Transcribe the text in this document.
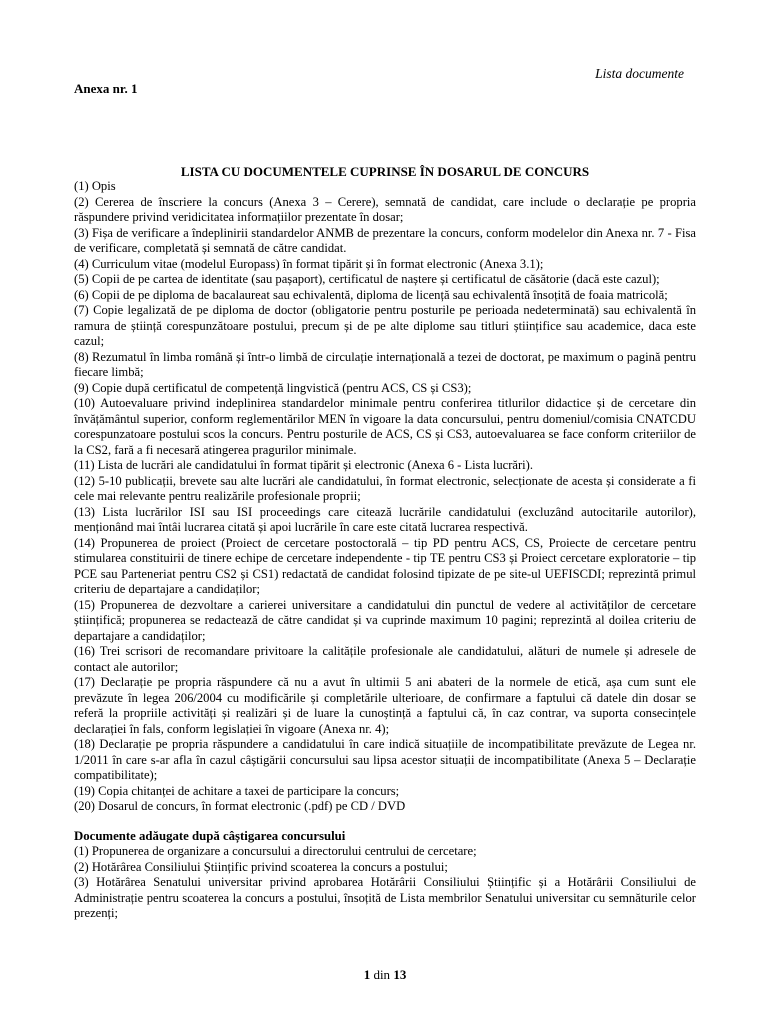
Lista documente
Anexa nr. 1
LISTA CU DOCUMENTELE CUPRINSE ÎN DOSARUL DE CONCURS

(1) Opis

(2) Cererea de înscriere la concurs (Anexa 3 – Cerere), semnată de candidat, care include o declarație pe propria răspundere privind veridicitatea informațiilor prezentate în dosar;

(3) Fișa de verificare a îndeplinirii standardelor ANMB de prezentare la concurs, conform modelelor din Anexa nr. 7 - Fisa de verificare, completată și semnată de către candidat.

(4) Curriculum vitae (modelul Europass) în format tipărit și în format electronic (Anexa 3.1);

(5) Copii de pe cartea de identitate (sau pașaport), certificatul de naștere și certificatul de căsătorie (dacă este cazul);

(6) Copii de pe diploma de bacalaureat sau echivalentă, diploma de licență sau echivalentă însoțită de foaia matricolă;

(7) Copie legalizată de pe diploma de doctor (obligatorie pentru posturile pe perioada nedeterminată) sau echivalentă în ramura de știință corespunzătoare postului, precum și de pe alte diplome sau titluri științifice sau academice, daca este cazul;

(8) Rezumatul în limba română și într-o limbă de circulație internațională a tezei de doctorat, pe maximum o pagină pentru fiecare limbă;

(9) Copie după certificatul de competență lingvistică (pentru ACS, CS și CS3);

(10) Autoevaluare privind indeplinirea standardelor minimale pentru conferirea titlurilor didactice și de cercetare din învățământul superior, conform reglementărilor MEN în vigoare la data concursului, pentru domeniul/comisia CNATCDU corespunzatoare postului scos la concurs. Pentru posturile de ACS, CS și CS3, autoevaluarea se face conform criteriilor de la CS2, fară a fi necesară atingerea pragurilor minimale.

(11) Lista de lucrări ale candidatului în format tipărit și electronic (Anexa 6 - Lista lucrări).

(12) 5-10 publicații, brevete sau alte lucrări ale candidatului, în format electronic, selecționate de acesta și considerate a fi cele mai relevante pentru realizările profesionale proprii;

(13) Lista lucrărilor ISI sau ISI proceedings care citează lucrările candidatului (excluzând autocitarile autorilor), menționând mai întâi lucrarea citată și apoi lucrările în care este citată lucrarea respectivă.

(14) Propunerea de proiect (Proiect de cercetare postoctorală – tip PD pentru ACS, CS, Proiecte de cercetare pentru stimularea constituirii de tinere echipe de cercetare independente - tip TE pentru CS3 și Proiect cercetare exploratorie – tip PCE sau Parteneriat pentru CS2 și CS1) redactată de candidat folosind tipizate de pe site-ul UEFISCDI; reprezintă primul criteriu de departajare a candidaților;

(15) Propunerea de dezvoltare a carierei universitare a candidatului din punctul de vedere al activităților de cercetare științifică; propunerea se redactează de către candidat și va cuprinde maximum 10 pagini; reprezintă al doilea criteriu de departajare a candidaților;

(16) Trei scrisori de recomandare privitoare la calitățile profesionale ale candidatului, alături de numele și adresele de contact ale autorilor;

(17) Declarație pe propria răspundere că nu a avut în ultimii 5 ani abateri de la normele de etică, așa cum sunt ele prevăzute în legea 206/2004 cu modificările și completările ulterioare, de confirmare a faptului că datele din dosar se referă la propriile activități și realizări și de luare la cunoștință a faptului că, în caz contrar, va suporta consecințele declarației în fals, conform legislației în vigoare (Anexa nr. 4);

(18) Declarație pe propria răspundere a candidatului în care indică situațiile de incompatibilitate prevăzute de Legea nr. 1/2011 în care s-ar afla în cazul câștigării concursului sau lipsa acestor situații de incompatibilitate (Anexa 5 – Declarație compatibilitate);

(19) Copia chitanței de achitare a taxei de participare la concurs;

(20) Dosarul de concurs, în format electronic (.pdf) pe CD / DVD

Documente adăugate după câștigarea concursului

(1) Propunerea de organizare a concursului a directorului centrului de cercetare;

(2) Hotărârea Consiliului Științific privind scoaterea la concurs a postului;

(3) Hotărârea Senatului universitar privind aprobarea Hotărârii Consiliului Științific și a Hotărârii Consiliului de Administrație pentru scoaterea la concurs a postului, însoțită de Lista membrilor Senatului universitar cu semnăturile celor prezenți;

1 din 13
